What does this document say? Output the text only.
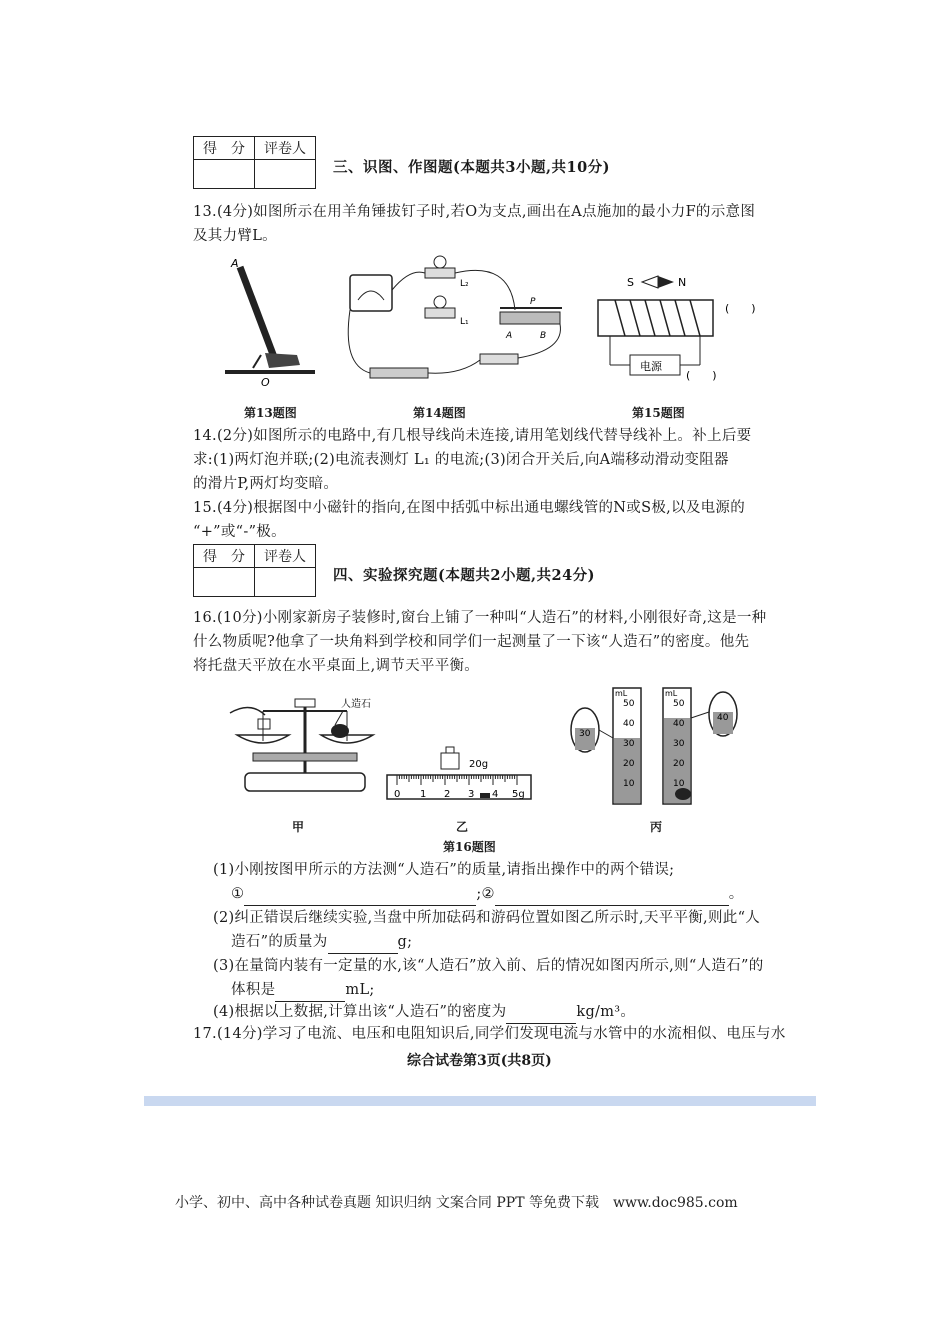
得　分	评卷人

三、识图、作图题(本题共3小题,共10分)
13.(4分)如图所示在用羊角锤拔钉子时,若O为支点,画出在A点施加的最小力F的示意图
及其力臂L。
A
O
L₂
L₁
P
A	B
S	N
(　　)
电源
(　　)
第13题图	第14题图	第15题图
14.(2分)如图所示的电路中,有几根导线尚未连接,请用笔划线代替导线补上。补上后要
求:(1)两灯泡并联;(2)电流表测灯 L₁ 的电流;(3)闭合开关后,向A端移动滑动变阻器
的滑片P,两灯均变暗。
15.(4分)根据图中小磁针的指向,在图中括弧中标出通电螺线管的N或S极,以及电源的
“+”或“-”极。
得　分	评卷人

四、实验探究题(本题共2小题,共24分)
16.(10分)小刚家新房子装修时,窗台上铺了一种叫“人造石”的材料,小刚很好奇,这是一种
什么物质呢?他拿了一块角料到学校和同学们一起测量了一下该“人造石”的密度。他先
将托盘天平放在水平桌面上,调节天平平衡。
人造石
20g
0 1 2 3 4 5g
mL
50
40
30
20
10
30
mL
50
40
30
20
10
40
甲	乙	丙
第16题图
(1)小刚按图甲所示的方法测“人造石”的质量,请指出操作中的两个错误;
①	;②	。
(2)纠正错误后继续实验,当盘中所加砝码和游码位置如图乙所示时,天平平衡,则此“人
造石”的质量为	g;
(3)在量筒内装有一定量的水,该“人造石”放入前、后的情况如图丙所示,则“人造石”的
体积是	mL;
(4)根据以上数据,计算出该“人造石”的密度为	kg/m³。
17.(14分)学习了电流、电压和电阻知识后,同学们发现电流与水管中的水流相似、电压与水
综合试卷第3页(共8页)
小学、初中、高中各种试卷真题 知识归纳 文案合同 PPT 等免费下载　www.doc985.com
